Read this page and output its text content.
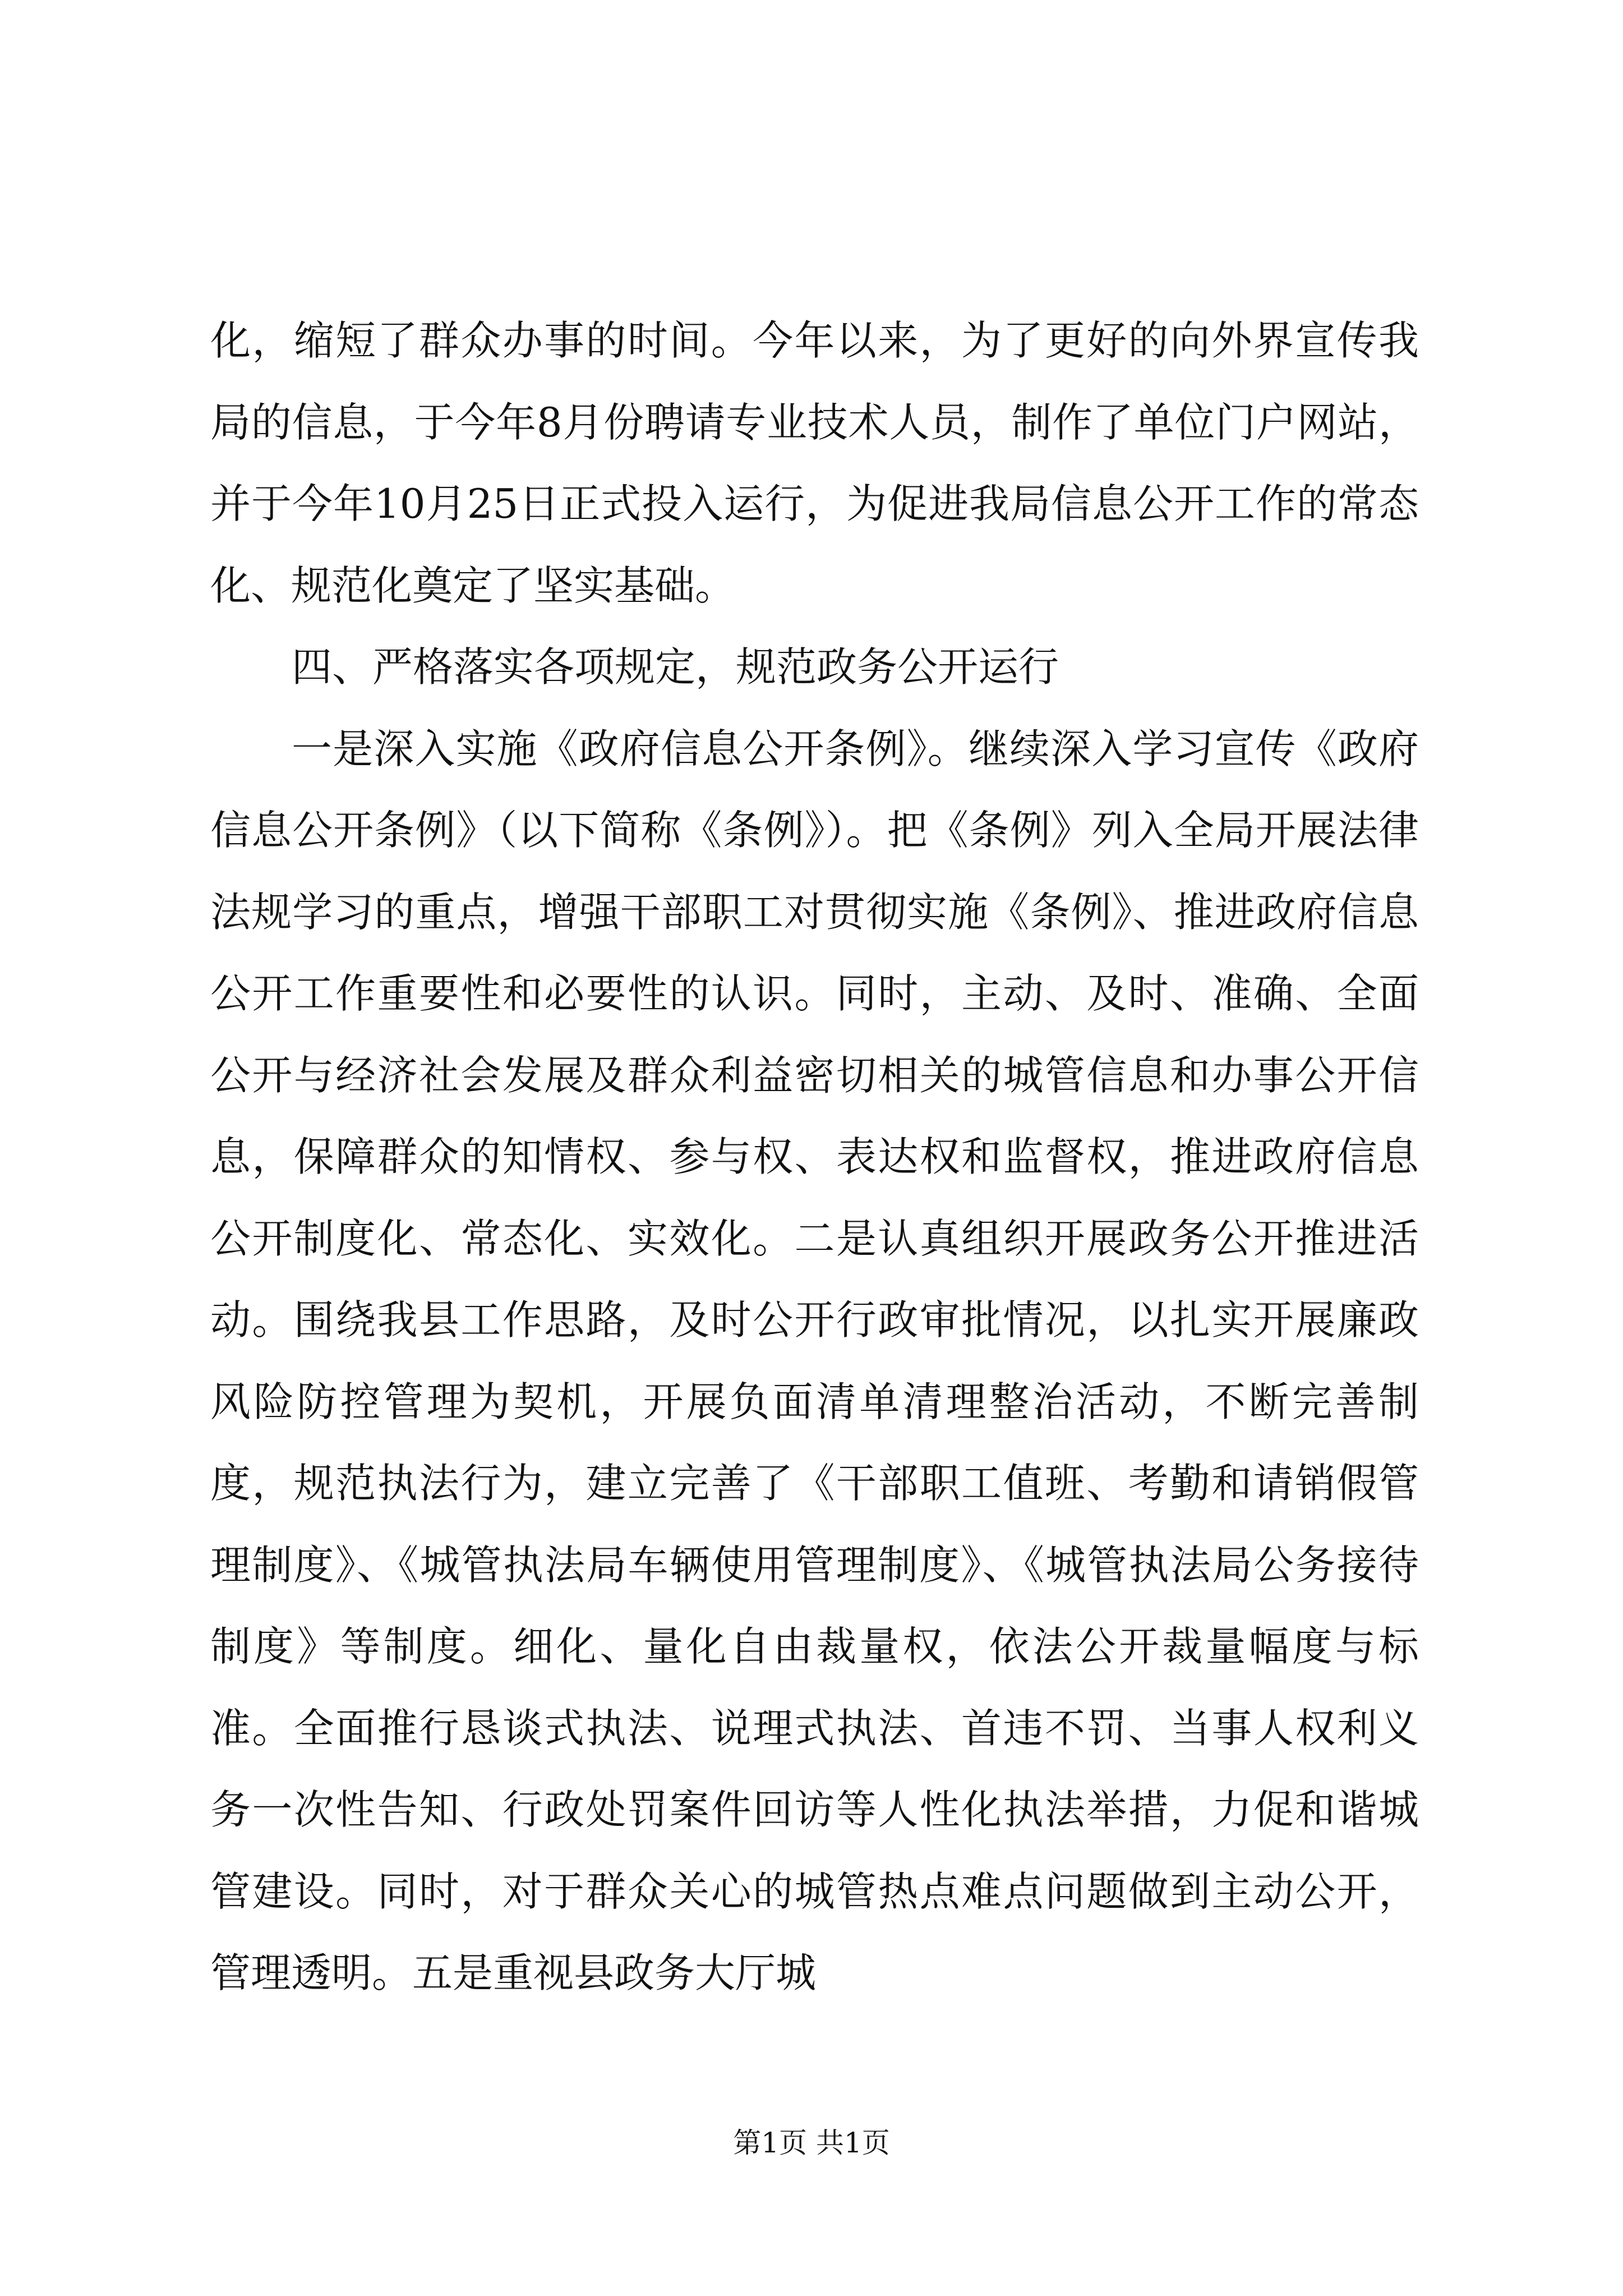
化，缩短了群众办事的时间。今年以来，为了更好的向外界宣传我局的信息，于今年8月份聘请专业技术人员，制作了单位门户网站，并于今年10月25日正式投入运行，为促进我局信息公开工作的常态化、规范化奠定了坚实基础。

四、严格落实各项规定，规范政务公开运行

一是深入实施《政府信息公开条例》。继续深入学习宣传《政府信息公开条例》（以下简称《条例》）。把《条例》列入全局开展法律法规学习的重点，增强干部职工对贯彻实施《条例》、推进政府信息公开工作重要性和必要性的认识。同时，主动、及时、准确、全面公开与经济社会发展及群众利益密切相关的城管信息和办事公开信息，保障群众的知情权、参与权、表达权和监督权，推进政府信息公开制度化、常态化、实效化。二是认真组织开展政务公开推进活动。围绕我县工作思路，及时公开行政审批情况，以扎实开展廉政风险防控管理为契机，开展负面清单清理整治活动，不断完善制度，规范执法行为，建立完善了《干部职工值班、考勤和请销假管理制度》、《城管执法局车辆使用管理制度》、《城管执法局公务接待制度》等制度。细化、量化自由裁量权，依法公开裁量幅度与标准。全面推行恳谈式执法、说理式执法、首违不罚、当事人权利义务一次性告知、行政处罚案件回访等人性化执法举措，力促和谐城管建设。同时，对于群众关心的城管热点难点问题做到主动公开，管理透明。五是重视县政务大厅城

第1页 共1页
